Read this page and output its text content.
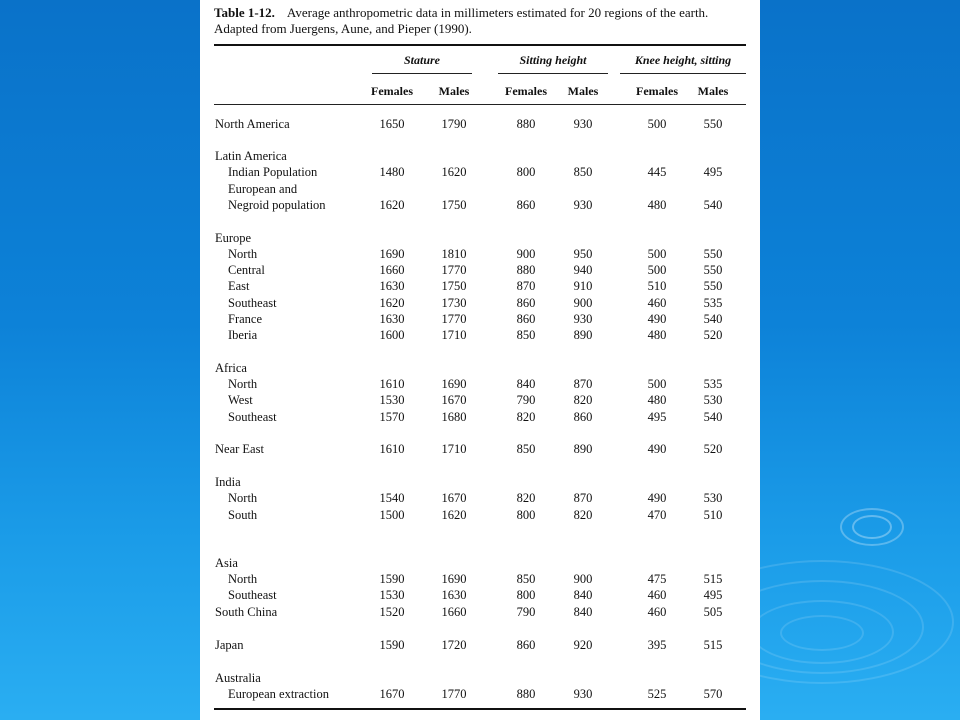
Table 1-12. Average anthropometric data in millimeters estimated for 20 regions of the earth. Adapted from Juergens, Aune, and Pieper (1990).
Stature	Sitting height	Knee height, sitting
Females	Males	Females	Males	Females	Males
North America	1650	1790	880	930	500	550
Latin America
Indian Population	1480	1620	800	850	445	495
European and
Negroid population	1620	1750	860	930	480	540
Europe
North	1690	1810	900	950	500	550
Central	1660	1770	880	940	500	550
East	1630	1750	870	910	510	550
Southeast	1620	1730	860	900	460	535
France	1630	1770	860	930	490	540
Iberia	1600	1710	850	890	480	520
Africa
North	1610	1690	840	870	500	535
West	1530	1670	790	820	480	530
Southeast	1570	1680	820	860	495	540
Near East	1610	1710	850	890	490	520
India
North	1540	1670	820	870	490	530
South	1500	1620	800	820	470	510
Asia
North	1590	1690	850	900	475	515
Southeast	1530	1630	800	840	460	495
South China	1520	1660	790	840	460	505
Japan	1590	1720	860	920	395	515
Australia
European extraction	1670	1770	880	930	525	570
